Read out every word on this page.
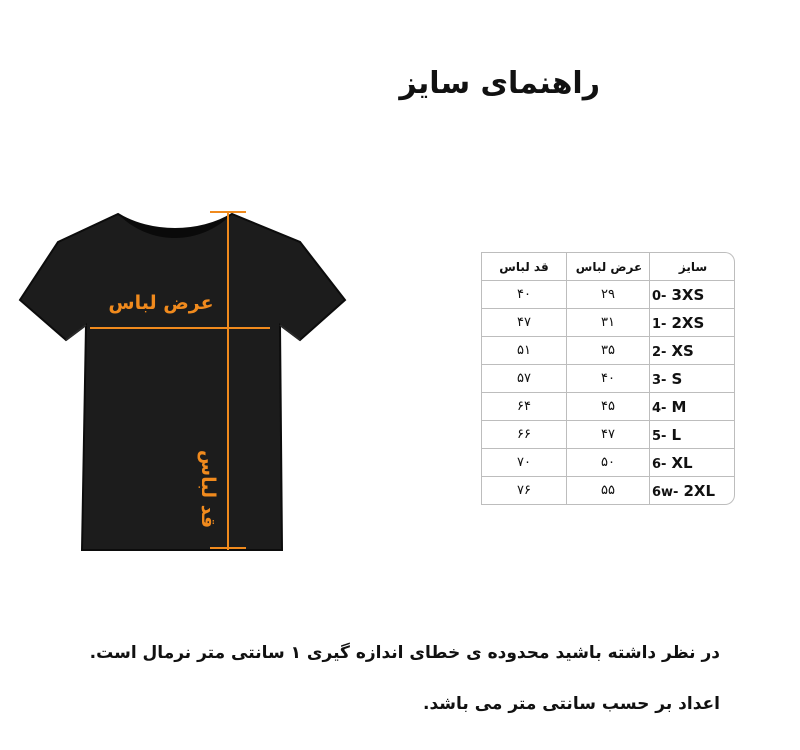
راهنمای سایز
عرض لباس
قد لباس
قد لباس	عرض لباس	سایز
۴۰	۲۹	0- 3XS
۴۷	۳۱	1- 2XS
۵۱	۳۵	2- XS
۵۷	۴۰	3- S
۶۴	۴۵	4- M
۶۶	۴۷	5- L
۷۰	۵۰	6- XL
۷۶	۵۵	6w- 2XL
در نظر داشته باشید محدوده ی خطای اندازه گیری ۱ سانتی متر نرمال است.
اعداد بر حسب سانتی متر می باشد.
